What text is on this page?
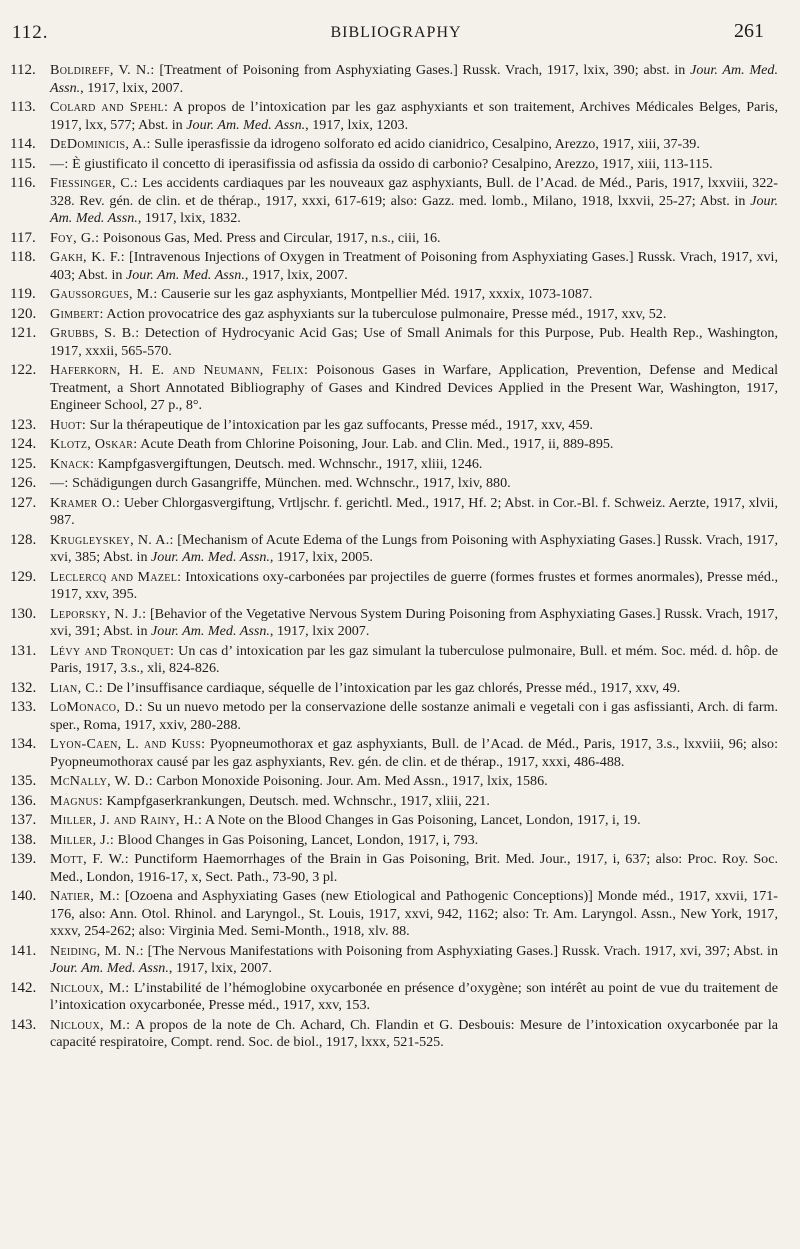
112.	BIBLIOGRAPHY	261
112.	Boldireff, V. N.: [Treatment of Poisoning from Asphyxiating Gases.] Russk. Vrach, 1917, lxix, 390; abst. in Jour. Am. Med. Assn., 1917, lxix, 2007.
113.	Colard and Spehl: A propos de l’intoxication par les gaz asphyxiants et son traitement, Archives Médicales Belges, Paris, 1917, lxx, 577; Abst. in Jour. Am. Med. Assn., 1917, lxix, 1203.
114.	DeDominicis, A.: Sulle iperasfissie da idrogeno solforato ed acido cianidrico, Cesalpino, Arezzo, 1917, xiii, 37-39.
115.	—: È giustificato il concetto di iperasifissia od asfissia da ossido di carbonio? Cesalpino, Arezzo, 1917, xiii, 113-115.
116.	Fiessinger, C.: Les accidents cardiaques par les nouveaux gaz asphyxiants, Bull. de l’Acad. de Méd., Paris, 1917, lxxviii, 322-328. Rev. gén. de clin. et de thérap., 1917, xxxi, 617-619; also: Gazz. med. lomb., Milano, 1918, lxxvii, 25-27; Abst. in Jour. Am. Med. Assn., 1917, lxix, 1832.
117.	Foy, G.: Poisonous Gas, Med. Press and Circular, 1917, n.s., ciii, 16.
118.	Gakh, K. F.: [Intravenous Injections of Oxygen in Treatment of Poisoning from Asphyxiating Gases.] Russk. Vrach, 1917, xvi, 403; Abst. in Jour. Am. Med. Assn., 1917, lxix, 2007.
119.	Gaussorgues, M.: Causerie sur les gaz asphyxiants, Montpellier Méd. 1917, xxxix, 1073-1087.
120. Gimbert: Action provocatrice des gaz asphyxiants sur la tuberculose pulmonaire, Presse méd., 1917, xxv, 52.
121. Grubbs, S. B.: Detection of Hydrocyanic Acid Gas; Use of Small Animals for this Purpose, Pub. Health Rep., Washington, 1917, xxxii, 565-570.
122. Haferkorn, H. E. and Neumann, Felix: Poisonous Gases in Warfare, Application, Prevention, Defense and Medical Treatment, a Short Annotated Bibliography of Gases and Kindred Devices Applied in the Present War, Washington, 1917, Engineer School, 27 p., 8°.
123. Huot: Sur la thérapeutique de l’intoxication par les gaz suffocants, Presse méd., 1917, xxv, 459.
124. Klotz, Oskar: Acute Death from Chlorine Poisoning, Jour. Lab. and Clin. Med., 1917, ii, 889-895.
125. Knack: Kampfgasvergiftungen, Deutsch. med. Wchnschr., 1917, xliii, 1246.
126. —: Schädigungen durch Gasangriffe, München. med. Wchnschr., 1917, lxiv, 880.
127. Kramer O.: Ueber Chlorgasvergiftung, Vrtljschr. f. gerichtl. Med., 1917, Hf. 2; Abst. in Cor.-Bl. f. Schweiz. Aerzte, 1917, xlvii, 987.
128. Krugleyskey, N. A.: [Mechanism of Acute Edema of the Lungs from Poisoning with Asphyxiating Gases.] Russk. Vrach, 1917, xvi, 385; Abst. in Jour. Am. Med. Assn., 1917, lxix, 2005.
129. Leclercq and Mazel: Intoxications oxy-carbonées par projectiles de guerre (formes frustes et formes anormales), Presse méd., 1917, xxv, 395.
130. Leporsky, N. J.: [Behavior of the Vegetative Nervous System During Poisoning from Asphyxiating Gases.] Russk. Vrach, 1917, xvi, 391; Abst. in Jour. Am. Med. Assn., 1917, lxix 2007.
131. Lévy and Tronquet: Un cas d’ intoxication par les gaz simulant la tuberculose pulmonaire, Bull. et mém. Soc. méd. d. hôp. de Paris, 1917, 3.s., xli, 824-826.
132. Lian, C.: De l’insuffisance cardiaque, séquelle de l’intoxication par les gaz chlorés, Presse méd., 1917, xxv, 49.
133. LoMonaco, D.: Su un nuevo metodo per la conservazione delle sostanze animali e vegetali con i gas asfissianti, Arch. di farm. sper., Roma, 1917, xxiv, 280-288.
134. Lyon-Caen, L. and Kuss: Pyopneumothorax et gaz asphyxiants, Bull. de l’Acad. de Méd., Paris, 1917, 3.s., lxxviii, 96; also: Pyopneumothorax causé par les gaz asphyxiants, Rev. gén. de clin. et de thérap., 1917, xxxi, 486-488.
135. McNally, W. D.: Carbon Monoxide Poisoning. Jour. Am. Med Assn., 1917, lxix, 1586.
136. Magnus: Kampfgaserkrankungen, Deutsch. med. Wchnschr., 1917, xliii, 221.
137. Miller, J. and Rainy, H.: A Note on the Blood Changes in Gas Poisoning, Lancet, London, 1917, i, 19.
138. Miller, J.: Blood Changes in Gas Poisoning, Lancet, London, 1917, i, 793.
139. Mott, F. W.: Punctiform Haemorrhages of the Brain in Gas Poisoning, Brit. Med. Jour., 1917, i, 637; also: Proc. Roy. Soc. Med., London, 1916-17, x, Sect. Path., 73-90, 3 pl.
140. Natier, M.: [Ozoena and Asphyxiating Gases (new Etiological and Pathogenic Conceptions)] Monde méd., 1917, xxvii, 171-176, also: Ann. Otol. Rhinol. and Laryngol., St. Louis, 1917, xxvi, 942, 1162; also: Tr. Am. Laryngol. Assn., New York, 1917, xxxv, 254-262; also: Virginia Med. Semi-Month., 1918, xlv. 88.
141. Neiding, M. N.: [The Nervous Manifestations with Poisoning from Asphyxiating Gases.] Russk. Vrach. 1917, xvi, 397; Abst. in Jour. Am. Med. Assn., 1917, lxix, 2007.
142. Nicloux, M.: L’instabilité de l’hémoglobine oxycarbonée en présence d’oxygène; son intérêt au point de vue du traitement de l’intoxication oxycarbonée, Presse méd., 1917, xxv, 153.
143. Nicloux, M.: A propos de la note de Ch. Achard, Ch. Flandin et G. Desbouis: Mesure de l’intoxication oxycarbonée par la capacité respiratoire, Compt. rend. Soc. de biol., 1917, lxxx, 521-525.
